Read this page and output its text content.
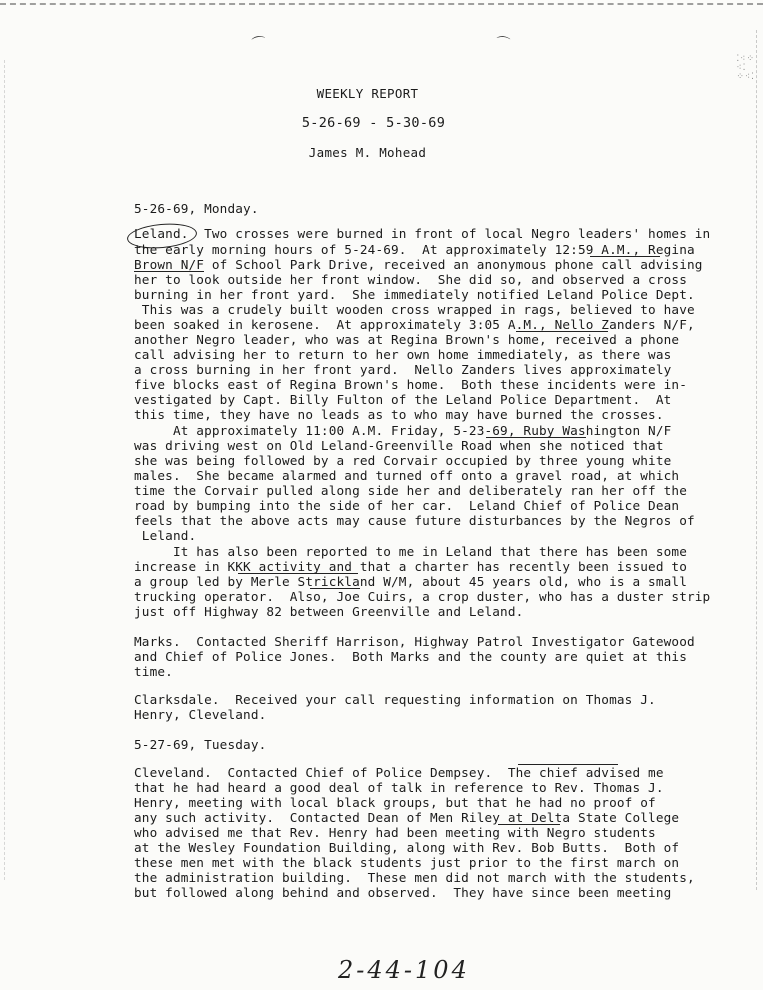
⁚⁖⁘
⁖⁚
⁘⁖⁚
⌒	⌒
WEEKLY REPORT
5-26-69 - 5-30-69
James M. Mohead
5-26-69, Monday.
Leland.  Two crosses were burned in front of local Negro leaders' homes in
the early morning hours of 5-24-69.  At approximately 12:59 A.M., Regina
Brown N/F of School Park Drive, received an anonymous phone call advising
her to look outside her front window.  She did so, and observed a cross
burning in her front yard.  She immediately notified Leland Police Dept.
This was a crudely built wooden cross wrapped in rags, believed to have
been soaked in kerosene.  At approximately 3:05 A.M., Nello Zanders N/F,
another Negro leader, who was at Regina Brown's home, received a phone
call advising her to return to her own home immediately, as there was
a cross burning in her front yard.  Nello Zanders lives approximately
five blocks east of Regina Brown's home.  Both these incidents were in-
vestigated by Capt. Billy Fulton of the Leland Police Department.  At
this time, they have no leads as to who may have burned the crosses.
At approximately 11:00 A.M. Friday, 5-23-69, Ruby Washington N/F
was driving west on Old Leland-Greenville Road when she noticed that
she was being followed by a red Corvair occupied by three young white
males.  She became alarmed and turned off onto a gravel road, at which
time the Corvair pulled along side her and deliberately ran her off the
road by bumping into the side of her car.  Leland Chief of Police Dean
feels that the above acts may cause future disturbances by the Negros of
Leland.
It has also been reported to me in Leland that there has been some
increase in KKK activity and that a charter has recently been issued to
a group led by Merle Strickland W/M, about 45 years old, who is a small
trucking operator.  Also, Joe Cuirs, a crop duster, who has a duster strip
just off Highway 82 between Greenville and Leland.
Marks.  Contacted Sheriff Harrison, Highway Patrol Investigator Gatewood
and Chief of Police Jones.  Both Marks and the county are quiet at this
time.
Clarksdale.  Received your call requesting information on Thomas J.
Henry, Cleveland.
5-27-69, Tuesday.
Cleveland.  Contacted Chief of Police Dempsey.  The chief advised me
that he had heard a good deal of talk in reference to Rev. Thomas J.
Henry, meeting with local black groups, but that he had no proof of
any such activity.  Contacted Dean of Men Riley at Delta State College
who advised me that Rev. Henry had been meeting with Negro students
at the Wesley Foundation Building, along with Rev. Bob Butts.  Both of
these men met with the black students just prior to the first march on
the administration building.  These men did not march with the students,
but followed along behind and observed.  They have since been meeting
2-44-104
